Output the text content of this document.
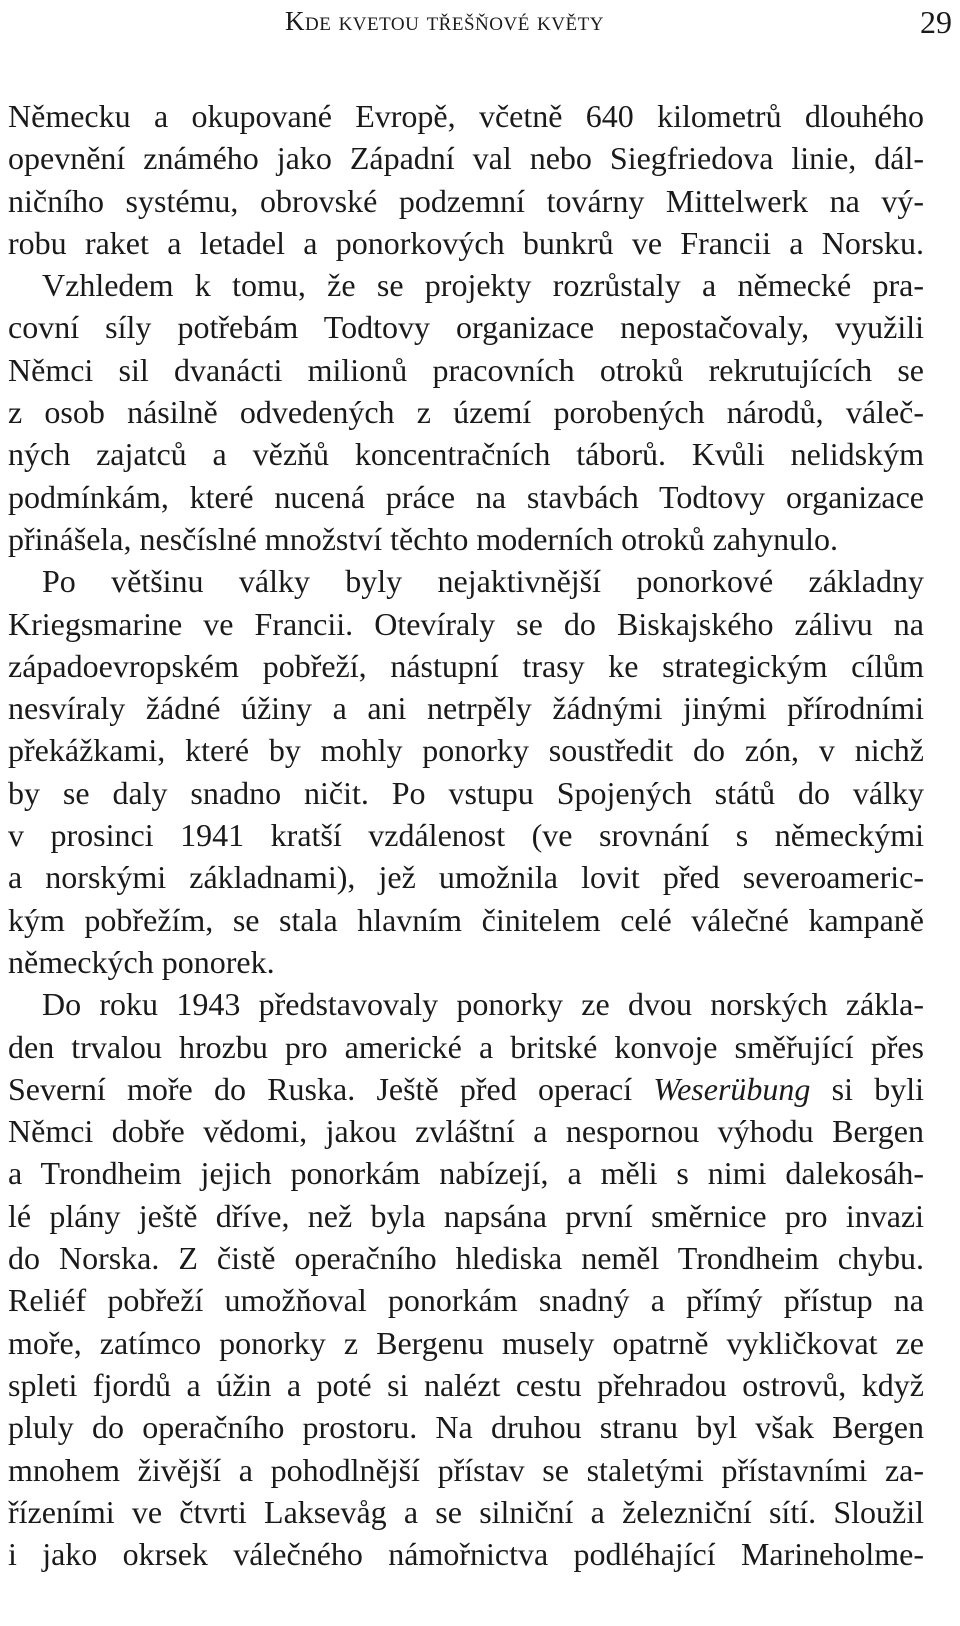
Kde kvetou třešňové květy	29
Německu a okupované Evropě, včetně 640 kilometrů dlouhého
opevnění známého jako Západní val nebo Siegfriedova linie, dál-
ničního systému, obrovské podzemní továrny Mittelwerk na vý-
robu raket a letadel a ponorkových bunkrů ve Francii a Norsku.
Vzhledem k tomu, že se projekty rozrůstaly a německé pra-
covní síly potřebám Todtovy organizace nepostačovaly, využili
Němci sil dvanácti milionů pracovních otroků rekrutujících se
z osob násilně odvedených z území porobených národů, váleč-
ných zajatců a vězňů koncentračních táborů. Kvůli nelidským
podmínkám, které nucená práce na stavbách Todtovy organizace
přinášela, nesčíslné množství těchto moderních otroků zahynulo.
Po většinu války byly nejaktivnější ponorkové základny
Kriegsmarine ve Francii. Otevíraly se do Biskajského zálivu na
západoevropském pobřeží, nástupní trasy ke strategickým cílům
nesvíraly žádné úžiny a ani netrpěly žádnými jinými přírodními
překážkami, které by mohly ponorky soustředit do zón, v nichž
by se daly snadno ničit. Po vstupu Spojených států do války
v prosinci 1941 kratší vzdálenost (ve srovnání s německými
a norskými základnami), jež umožnila lovit před severoameric-
kým pobřežím, se stala hlavním činitelem celé válečné kampaně
německých ponorek.
Do roku 1943 představovaly ponorky ze dvou norských zákla-
den trvalou hrozbu pro americké a britské konvoje směřující přes
Severní moře do Ruska. Ještě před operací Weserübung si byli
Němci dobře vědomi, jakou zvláštní a nespornou výhodu Bergen
a Trondheim jejich ponorkám nabízejí, a měli s nimi dalekosáh-
lé plány ještě dříve, než byla napsána první směrnice pro invazi
do Norska. Z čistě operačního hlediska neměl Trondheim chybu.
Reliéf pobřeží umožňoval ponorkám snadný a přímý přístup na
moře, zatímco ponorky z Bergenu musely opatrně vykličkovat ze
spleti fjordů a úžin a poté si nalézt cestu přehradou ostrovů, když
pluly do operačního prostoru. Na druhou stranu byl však Bergen
mnohem živější a pohodlnější přístav se staletými přístavními za-
řízeními ve čtvrti Laksevåg a se silniční a železniční sítí. Sloužil
i jako okrsek válečného námořnictva podléhající Marineholme-
